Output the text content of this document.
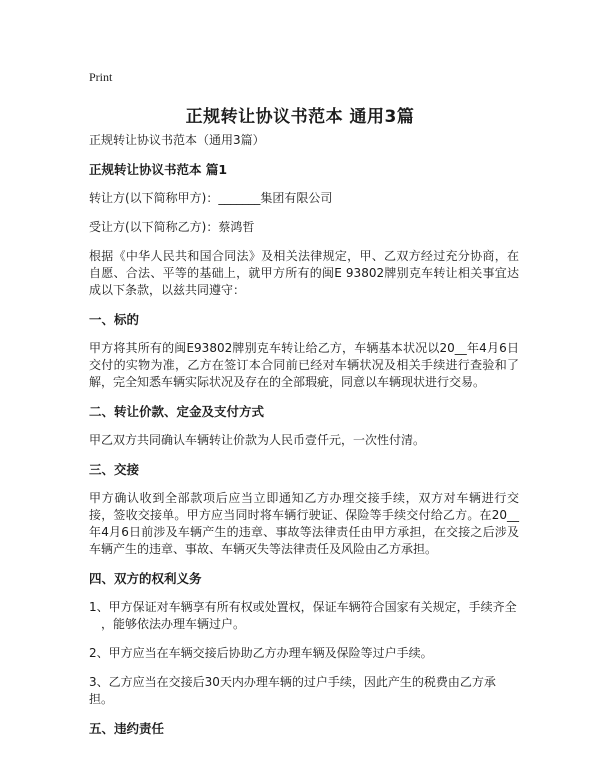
Print
正规转让协议书范本 通用3篇

正规转让协议书范本（通用3篇）

正规转让协议书范本 篇1

转让方(以下简称甲方)：_______集团有限公司

受让方(以下简称乙方)：蔡鸿哲

根据《中华人民共和国合同法》及相关法律规定，甲、乙双方经过充分协商，在自愿、合法、平等的基础上，就甲方所有的闽E 93802牌别克车转让相关事宜达成以下条款，以兹共同遵守：

一、标的

甲方将其所有的闽E93802牌别克车转让给乙方，车辆基本状况以20__年4月6日交付的实物为准，乙方在签订本合同前已经对车辆状况及相关手续进行查验和了解，完全知悉车辆实际状况及存在的全部瑕疵，同意以车辆现状进行交易。

二、转让价款、定金及支付方式

甲乙双方共同确认车辆转让价款为人民币壹仟元，一次性付清。

三、交接

甲方确认收到全部款项后应当立即通知乙方办理交接手续，双方对车辆进行交接，签收交接单。甲方应当同时将车辆行驶证、保险等手续交付给乙方。在20__年4月6日前涉及车辆产生的违章、事故等法律责任由甲方承担，在交接之后涉及车辆产生的违章、事故、车辆灭失等法律责任及风险由乙方承担。

四、双方的权利义务

1、甲方保证对车辆享有所有权或处置权，保证车辆符合国家有关规定，手续齐全
，能够依法办理车辆过户。

2、甲方应当在车辆交接后协助乙方办理车辆及保险等过户手续。

3、乙方应当在交接后30天内办理车辆的过户手续，因此产生的税费由乙方承担。

五、违约责任
